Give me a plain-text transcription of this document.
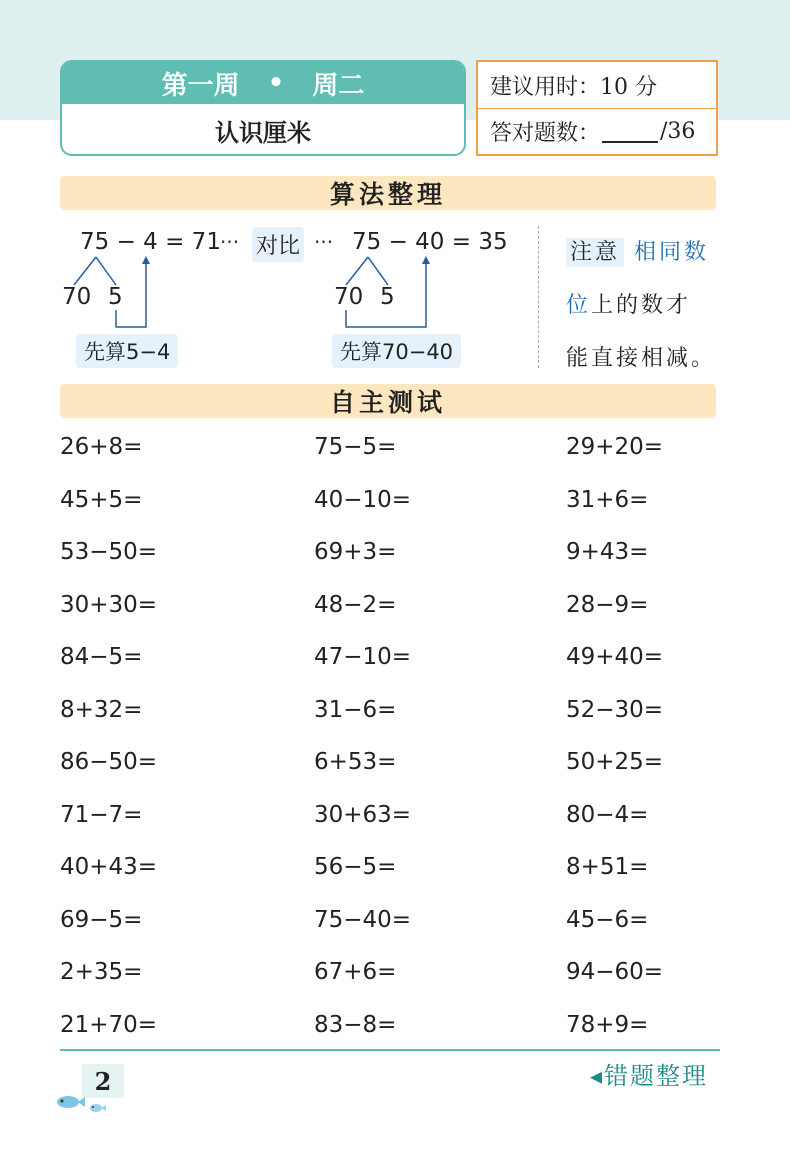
第一周 • 周二
认识厘米
建议用时：10 分
答对题数：	/36
算法整理
75 − 4 = 71 ··· 对比 ··· 75 − 40 = 35
70 5	70 5
先算5−4	先算70−40
注意 相同数
位上的数才
能直接相减。
自主测试
26+8=	75−5=	29+20=
45+5=	40−10=	31+6=
53−50=	69+3=	9+43=
30+30=	48−2=	28−9=
84−5=	47−10=	49+40=
8+32=	31−6=	52−30=
86−50=	6+53=	50+25=
71−7=	30+63=	80−4=
40+43=	56−5=	8+51=
69−5=	75−40=	45−6=
2+35=	67+6=	94−60=
21+70=	83−8=	78+9=
2	◂错题整理
